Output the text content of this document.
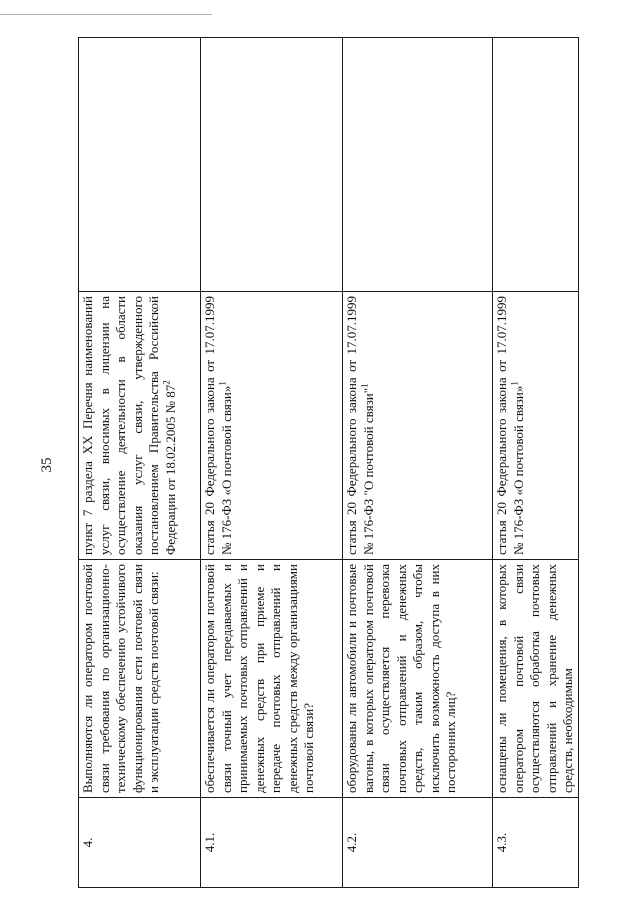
35
4.	Выполняются ли оператором почтовой связи требования по организационно-техническому обеспечению устойчивого функционирования сети почтовой связи и эксплуатации средств почтовой связи:	пункт 7 раздела XX Перечня наименований услуг связи, вносимых в лицензии на осуществление деятельности в области оказания услуг связи, утвержденного постановлением Правительства Российской Федерации от 18.02.2005 № $87^2$	
4.1.	обеспечивается ли оператором почтовой связи точный учет передаваемых и принимаемых почтовых отправлений и денежных средств при приеме и передаче почтовых отправлений и денежных средств между организациями почтовой связи?	статья 20 Федерального закона от 17.07.1999 № 176-ФЗ «О почтовой связи»$^1$	
4.2.	оборудованы ли автомобили и почтовые вагоны, в которых оператором почтовой связи осуществляется перевозка почтовых отправлений и денежных средств, таким образом, чтобы исключить возможность доступа в них посторонних лиц?	статья 20 Федерального закона от 17.07.1999 № 176-ФЗ "О почтовой связи"$^1$	
4.3.	оснащены ли помещения, в которых оператором почтовой связи осуществляются обработка почтовых отправлений и хранение денежных средств, необходимым	статья 20 Федерального закона от 17.07.1999 № 176-ФЗ «О почтовой связи»$^1$	
